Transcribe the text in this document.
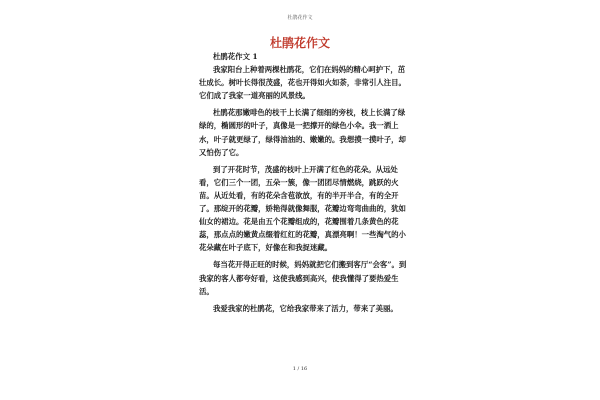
杜鹃花作文
杜鹃花作文
杜鹃花作文 1

我家阳台上种着两棵杜鹃花，它们在妈妈的精心呵护下，茁壮成长。树叶长得很茂盛，花也开得如火如荼，非常引人注目。它们成了我家一道亮丽的风景线。

杜鹃花那嫩啡色的枝干上长满了细细的旁枝，枝上长满了绿绿的，椭圆形的叶子，真像是一把撑开的绿色小伞。我一洒上水，叶子就更绿了，绿得油油的、嫩嫩的。我想摸一摸叶子，却又怕伤了它。

到了开花时节，茂盛的枝叶上开满了红色的花朵。从远处看，它们三个一团，五朵一簇，像一团团尽情燃烧，跳跃的火苗。从近处看，有的花朵含苞欲放，有的半开半合，有的全开了。那绽开的花瓣，娇艳得就像舞服，花瓣边弯弯曲曲的，犹如仙女的裙边。花是由五个花瓣组成的，花瓣围着几条黄色的花蕊，那点点的嫩黄点缀着红红的花瓣，真漂亮啊！一些淘气的小花朵藏在叶子底下，好像在和我捉迷藏。

每当花开得正旺的时候，妈妈就把它们搬到客厅“会客”。到我家的客人都夸好看，这使我感到高兴，使我懂得了要热爱生活。

我爱我家的杜鹃花，它给我家带来了活力，带来了美丽。

1 / 16
